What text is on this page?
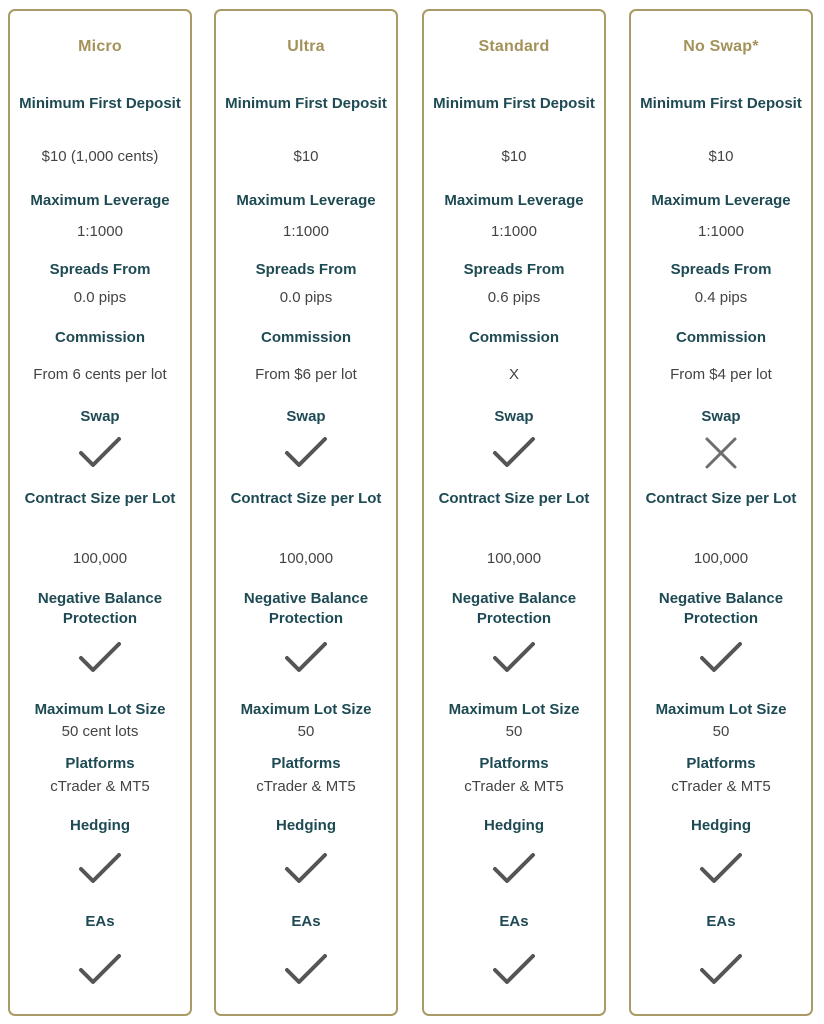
Micro
Minimum First Deposit
$10 (1,000 cents)
Maximum Leverage
1:1000
Spreads From
0.0 pips
Commission
From 6 cents per lot
Swap
Contract Size per Lot
100,000
Negative Balance Protection
Maximum Lot Size
50 cent lots
Platforms
cTrader & MT5
Hedging
EAs
Ultra
Minimum First Deposit
$10
Maximum Leverage
1:1000
Spreads From
0.0 pips
Commission
From $6 per lot
Swap
Contract Size per Lot
100,000
Negative Balance Protection
Maximum Lot Size
50
Platforms
cTrader & MT5
Hedging
EAs
Standard
Minimum First Deposit
$10
Maximum Leverage
1:1000
Spreads From
0.6 pips
Commission
X
Swap
Contract Size per Lot
100,000
Negative Balance Protection
Maximum Lot Size
50
Platforms
cTrader & MT5
Hedging
EAs
No Swap*
Minimum First Deposit
$10
Maximum Leverage
1:1000
Spreads From
0.4 pips
Commission
From $4 per lot
Swap
Contract Size per Lot
100,000
Negative Balance Protection
Maximum Lot Size
50
Platforms
cTrader & MT5
Hedging
EAs
